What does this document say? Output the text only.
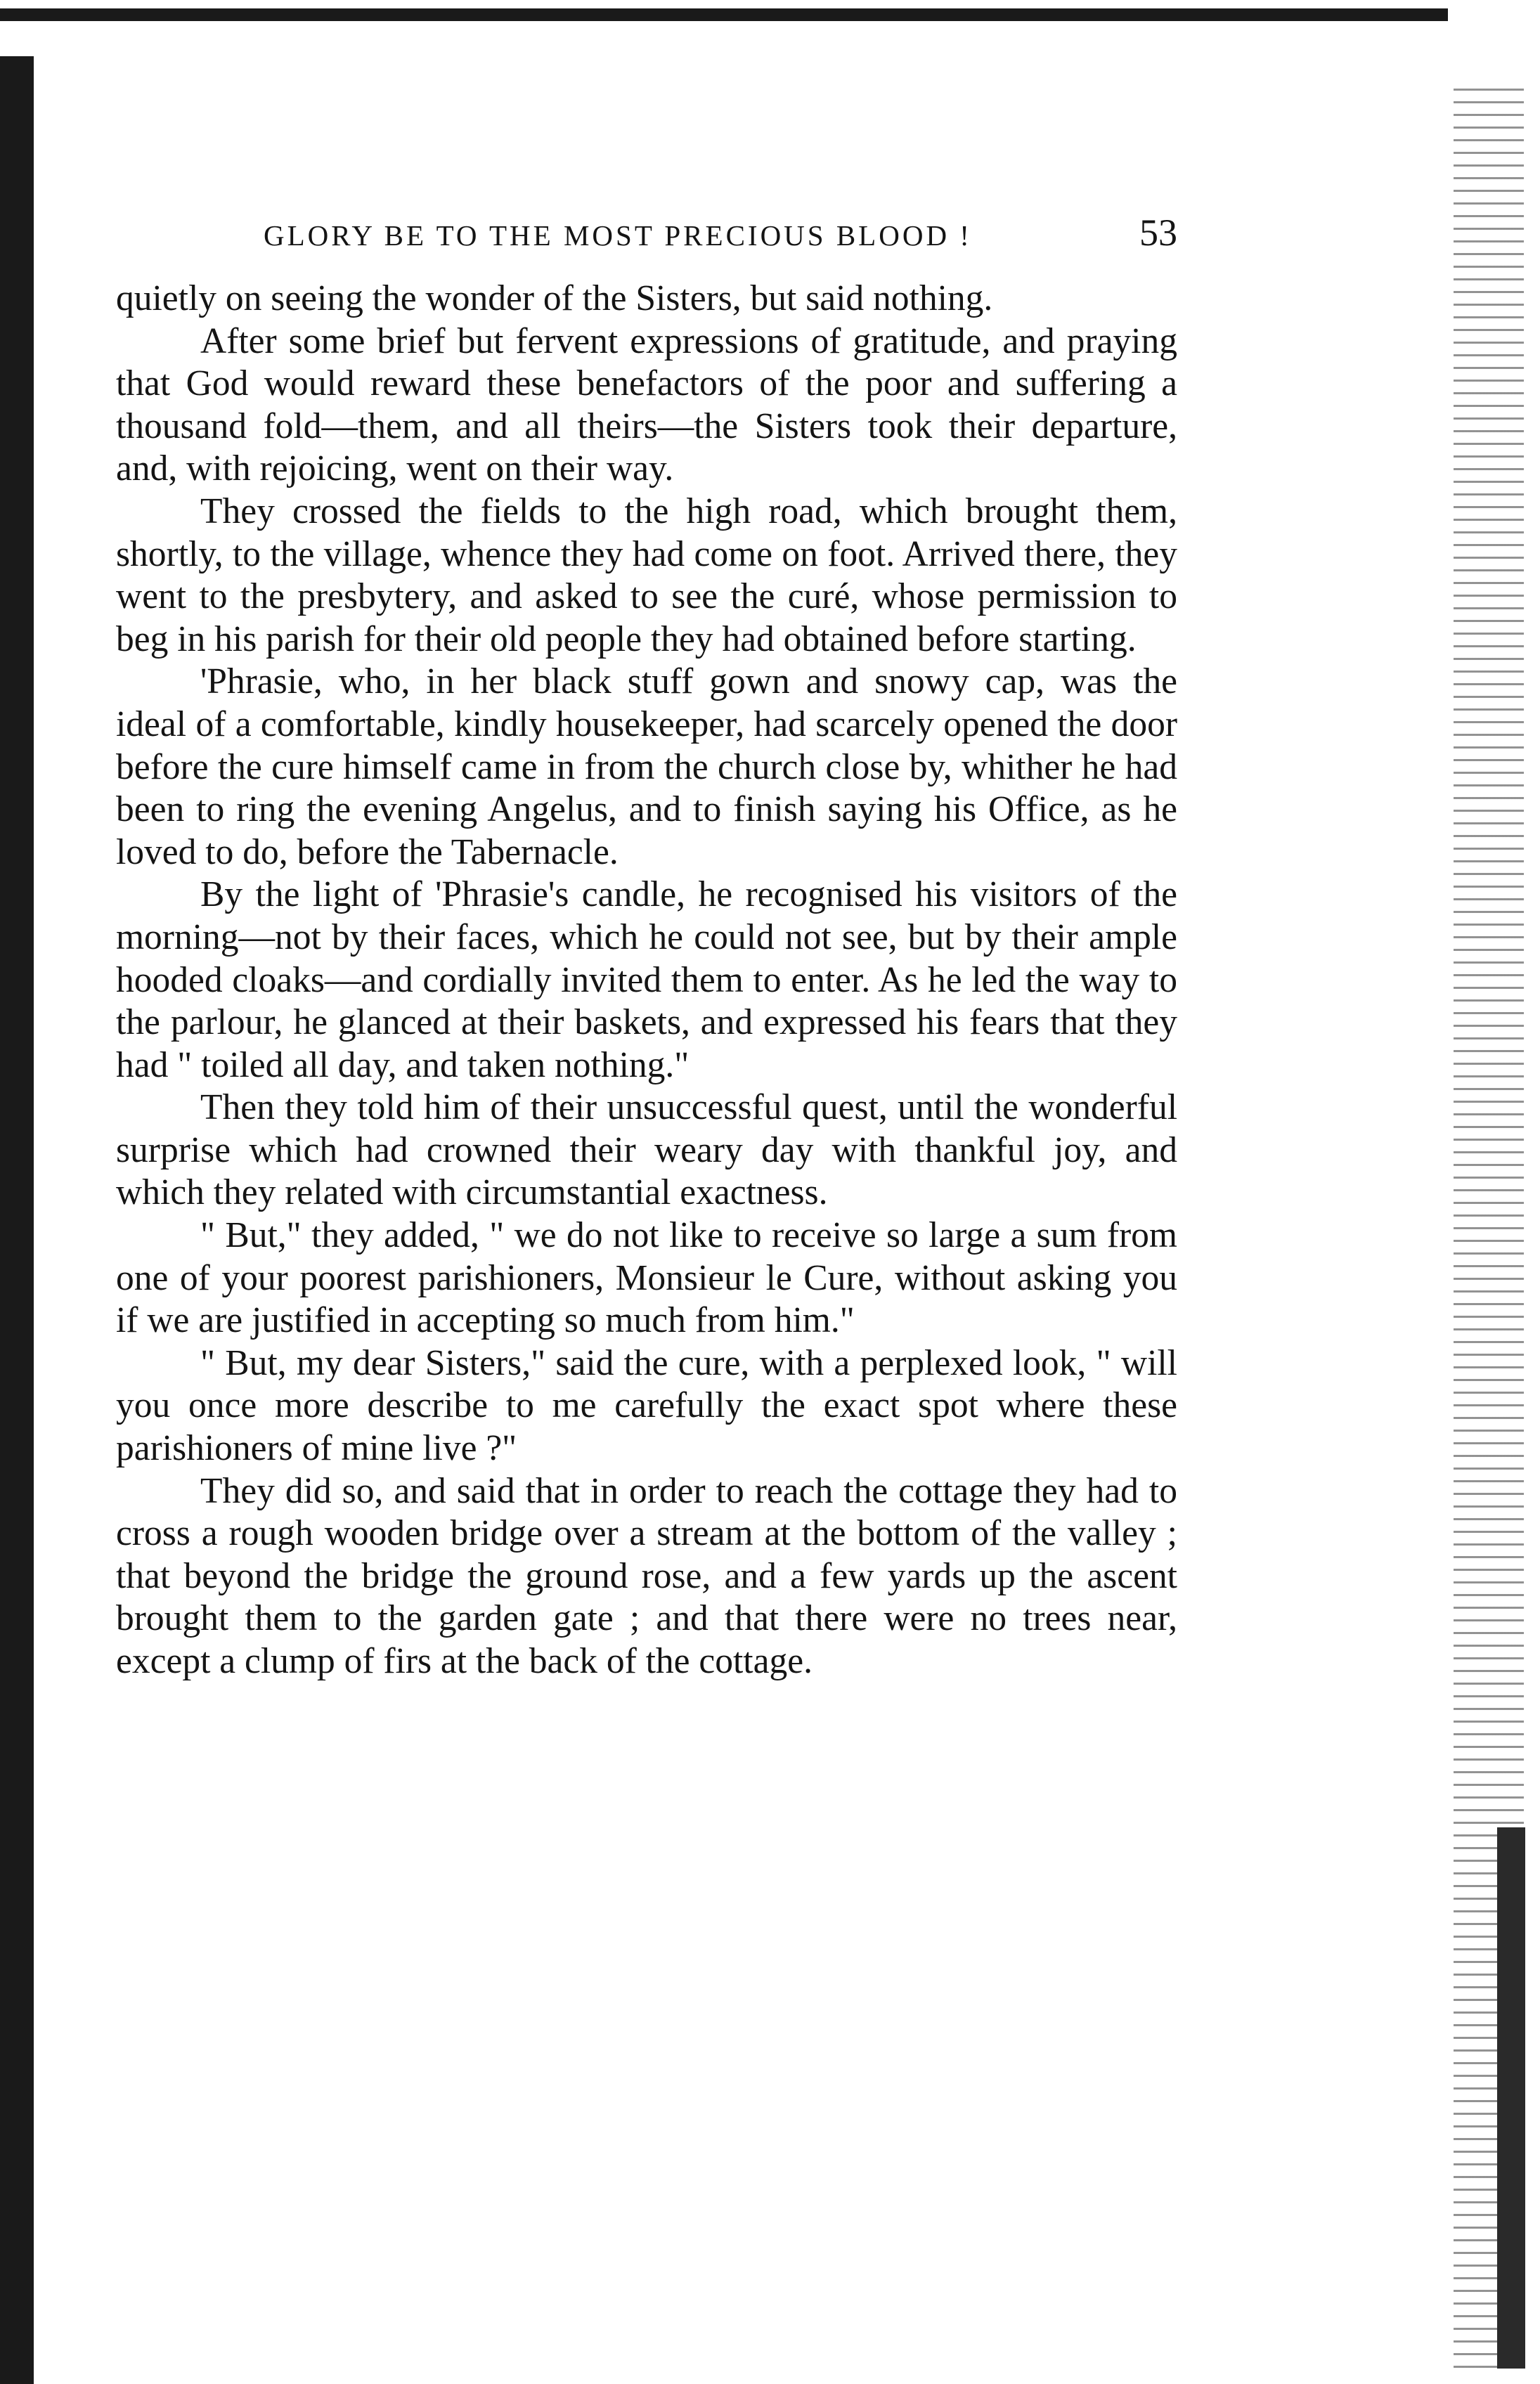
GLORY BE TO THE MOST PRECIOUS BLOOD !	53

quietly on seeing the wonder of the Sisters, but said nothing.

After some brief but fervent expressions of gratitude, and praying that God would reward these benefactors of the poor and suffering a thousand fold—them, and all theirs—the Sisters took their departure, and, with rejoicing, went on their way.

They crossed the fields to the high road, which brought them, shortly, to the village, whence they had come on foot. Arrived there, they went to the presbytery, and asked to see the curé, whose permission to beg in his parish for their old people they had obtained before starting.

'Phrasie, who, in her black stuff gown and snowy cap, was the ideal of a comfortable, kindly housekeeper, had scarcely opened the door before the cure himself came in from the church close by, whither he had been to ring the evening Angelus, and to finish saying his Office, as he loved to do, before the Tabernacle.

By the light of 'Phrasie's candle, he recognised his visitors of the morning—not by their faces, which he could not see, but by their ample hooded cloaks—and cordially invited them to enter. As he led the way to the parlour, he glanced at their baskets, and expressed his fears that they had " toiled all day, and taken nothing."

Then they told him of their unsuccessful quest, until the wonderful surprise which had crowned their weary day with thankful joy, and which they related with circumstantial exactness.

" But," they added, " we do not like to receive so large a sum from one of your poorest parishioners, Monsieur le Cure, without asking you if we are justified in accepting so much from him."

" But, my dear Sisters," said the cure, with a perplexed look, " will you once more describe to me carefully the exact spot where these parishioners of mine live ?"

They did so, and said that in order to reach the cottage they had to cross a rough wooden bridge over a stream at the bottom of the valley ; that beyond the bridge the ground rose, and a few yards up the ascent brought them to the garden gate ; and that there were no trees near, except a clump of firs at the back of the cottage.
